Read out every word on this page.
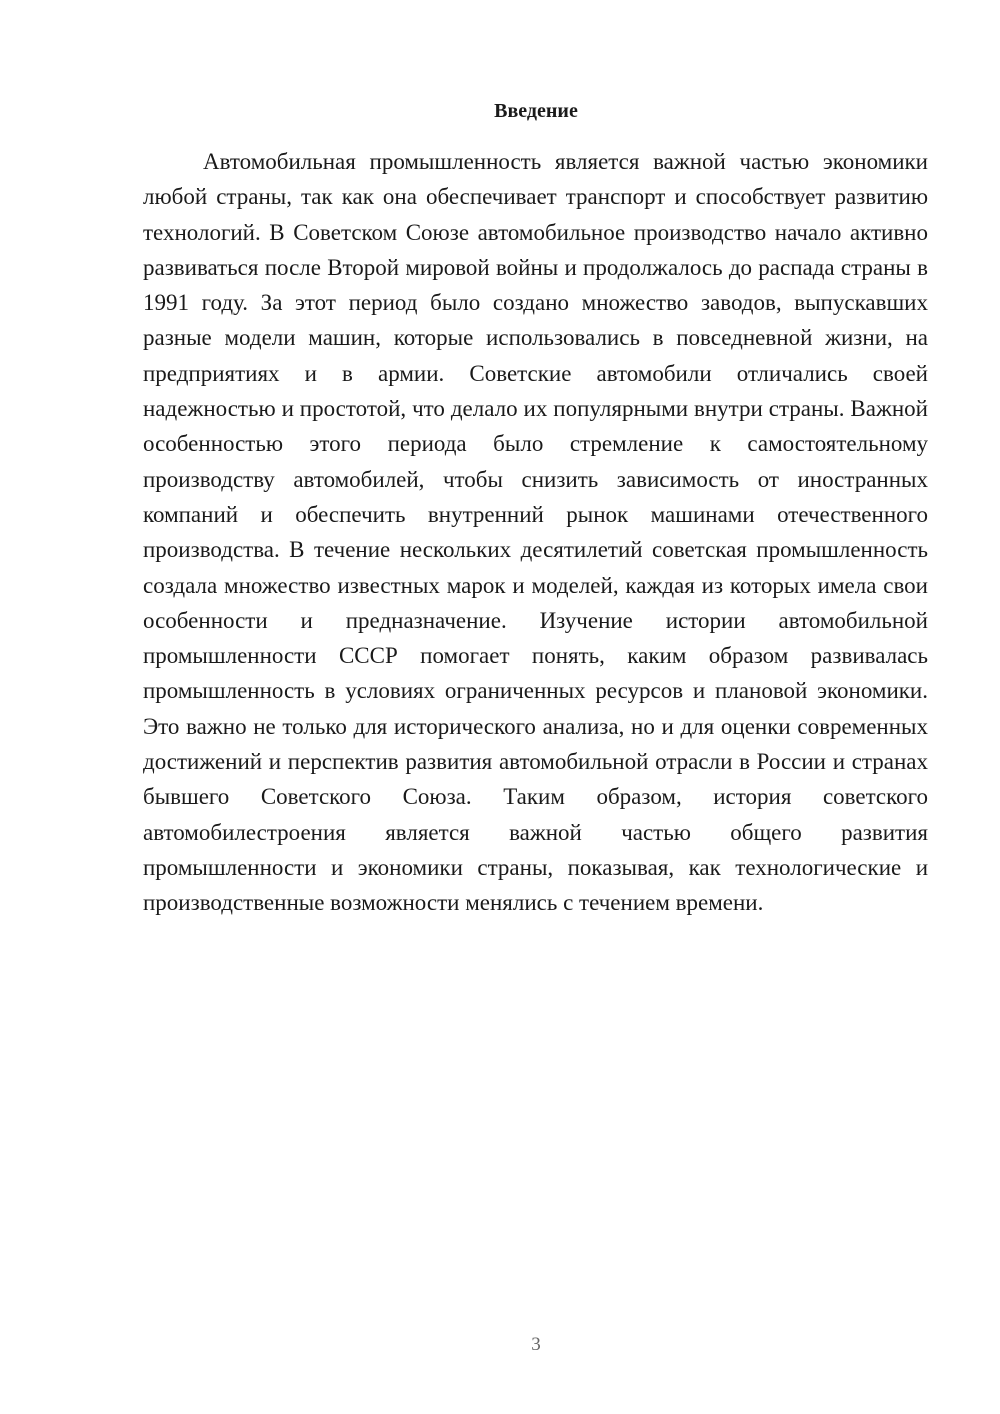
Введение

Автомобильная промышленность является важной частью экономики любой страны, так как она обеспечивает транспорт и способствует развитию технологий. В Советском Союзе автомобильное производство начало активно развиваться после Второй мировой войны и продолжалось до распада страны в 1991 году. За этот период было создано множество заводов, выпускавших разные модели машин, которые использовались в повседневной жизни, на предприятиях и в армии. Советские автомобили отличались своей надежностью и простотой, что делало их популярными внутри страны. Важной особенностью этого периода было стремление к самостоятельному производству автомобилей, чтобы снизить зависимость от иностранных компаний и обеспечить внутренний рынок машинами отечественного производства. В течение нескольких десятилетий советская промышленность создала множество известных марок и моделей, каждая из которых имела свои особенности и предназначение. Изучение истории автомобильной промышленности СССР помогает понять, каким образом развивалась промышленность в условиях ограниченных ресурсов и плановой экономики. Это важно не только для исторического анализа, но и для оценки современных достижений и перспектив развития автомобильной отрасли в России и странах бывшего Советского Союза. Таким образом, история советского автомобилестроения является важной частью общего развития промышленности и экономики страны, показывая, как технологические и производственные возможности менялись с течением времени.

3
